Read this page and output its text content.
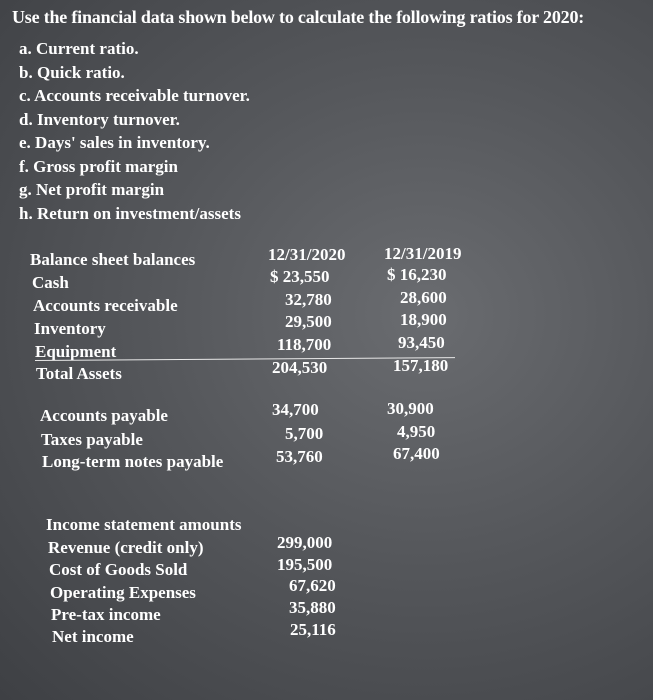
Use the financial data shown below to calculate the following ratios for 2020:
a. Current ratio.
b. Quick ratio.
c. Accounts receivable turnover.
d. Inventory turnover.
e. Days' sales in inventory.
f. Gross profit margin
g. Net profit margin
h. Return on investment/assets
Balance sheet balances	12/31/2020 12/31/2019
Cash	$ 23,550	$ 16,230
Accounts receivable	32,780	28,600
Inventory	29,500	18,900
Equipment	118,700	93,450
Total Assets	204,530	157,180
Accounts payable	34,700	30,900
Taxes payable	5,700	4,950
Long-term notes payable	53,760	67,400
Income statement amounts
Revenue (credit only)	299,000
Cost of Goods Sold	195,500
Operating Expenses	67,620
Pre-tax income	35,880
Net income	25,116
